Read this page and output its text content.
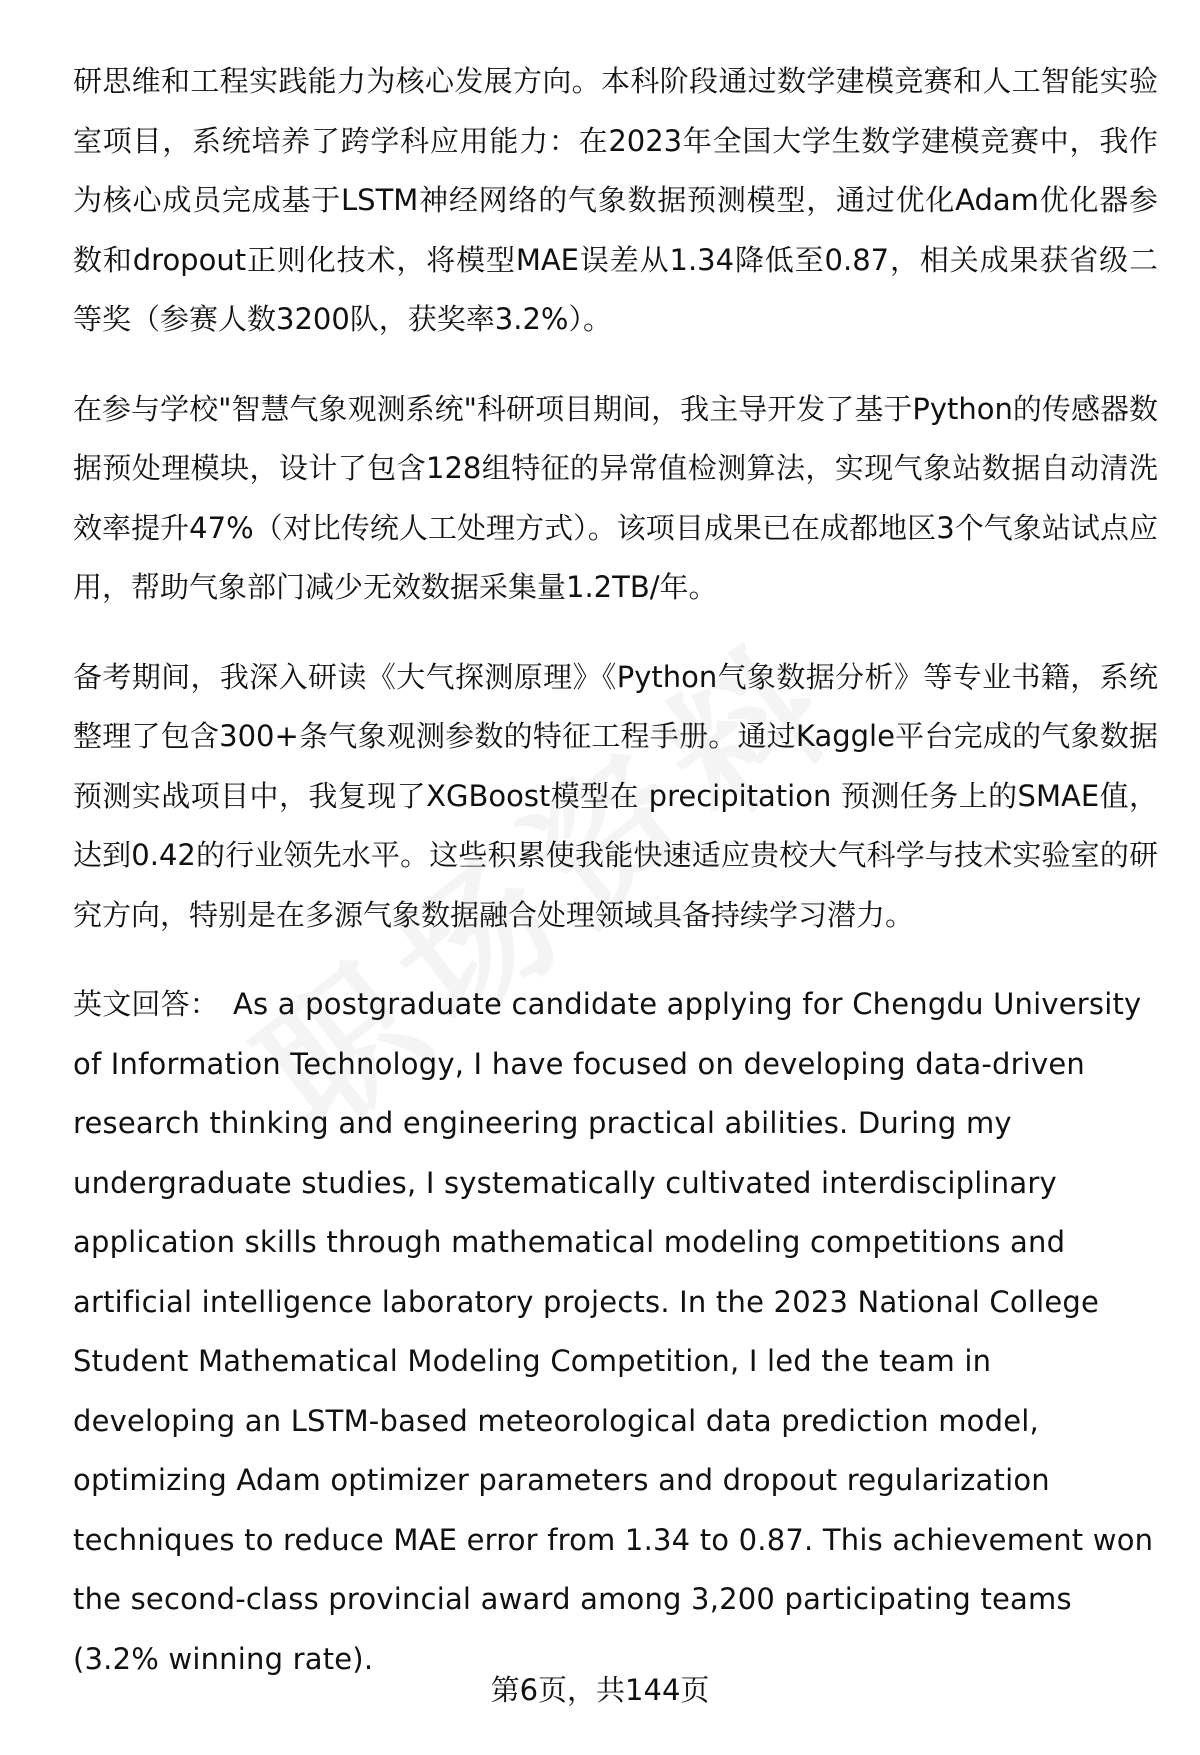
研思维和工程实践能力为核心发展方向。本科阶段通过数学建模竞赛和人工智能实验室项目，系统培养了跨学科应用能力：在2023年全国大学生数学建模竞赛中，我作为核心成员完成基于LSTM神经网络的气象数据预测模型，通过优化Adam优化器参数和dropout正则化技术，将模型MAE误差从1.34降低至0.87，相关成果获省级二等奖（参赛人数3200队，获奖率3.2%）。

在参与学校"智慧气象观测系统"科研项目期间，我主导开发了基于Python的传感器数据预处理模块，设计了包含128组特征的异常值检测算法，实现气象站数据自动清洗效率提升47%（对比传统人工处理方式）。该项目成果已在成都地区3个气象站试点应用，帮助气象部门减少无效数据采集量1.2TB/年。

备考期间，我深入研读《大气探测原理》《Python气象数据分析》等专业书籍，系统整理了包含300+条气象观测参数的特征工程手册。通过Kaggle平台完成的气象数据预测实战项目中，我复现了XGBoost模型在 precipitation 预测任务上的SMAE值，达到0.42的行业领先水平。这些积累使我能快速适应贵校大气科学与技术实验室的研究方向，特别是在多源气象数据融合处理领域具备持续学习潜力。

英文回答： As a postgraduate candidate applying for Chengdu University of Information Technology, I have focused on developing data-driven research thinking and engineering practical abilities. During my undergraduate studies, I systematically cultivated interdisciplinary application skills through mathematical modeling competitions and artificial intelligence laboratory projects. In the 2023 National College Student Mathematical Modeling Competition, I led the team in developing an LSTM-based meteorological data prediction model, optimizing Adam optimizer parameters and dropout regularization techniques to reduce MAE error from 1.34 to 0.87. This achievement won the second-class provincial award among 3,200 participating teams (3.2% winning rate).

第6页，共144页
